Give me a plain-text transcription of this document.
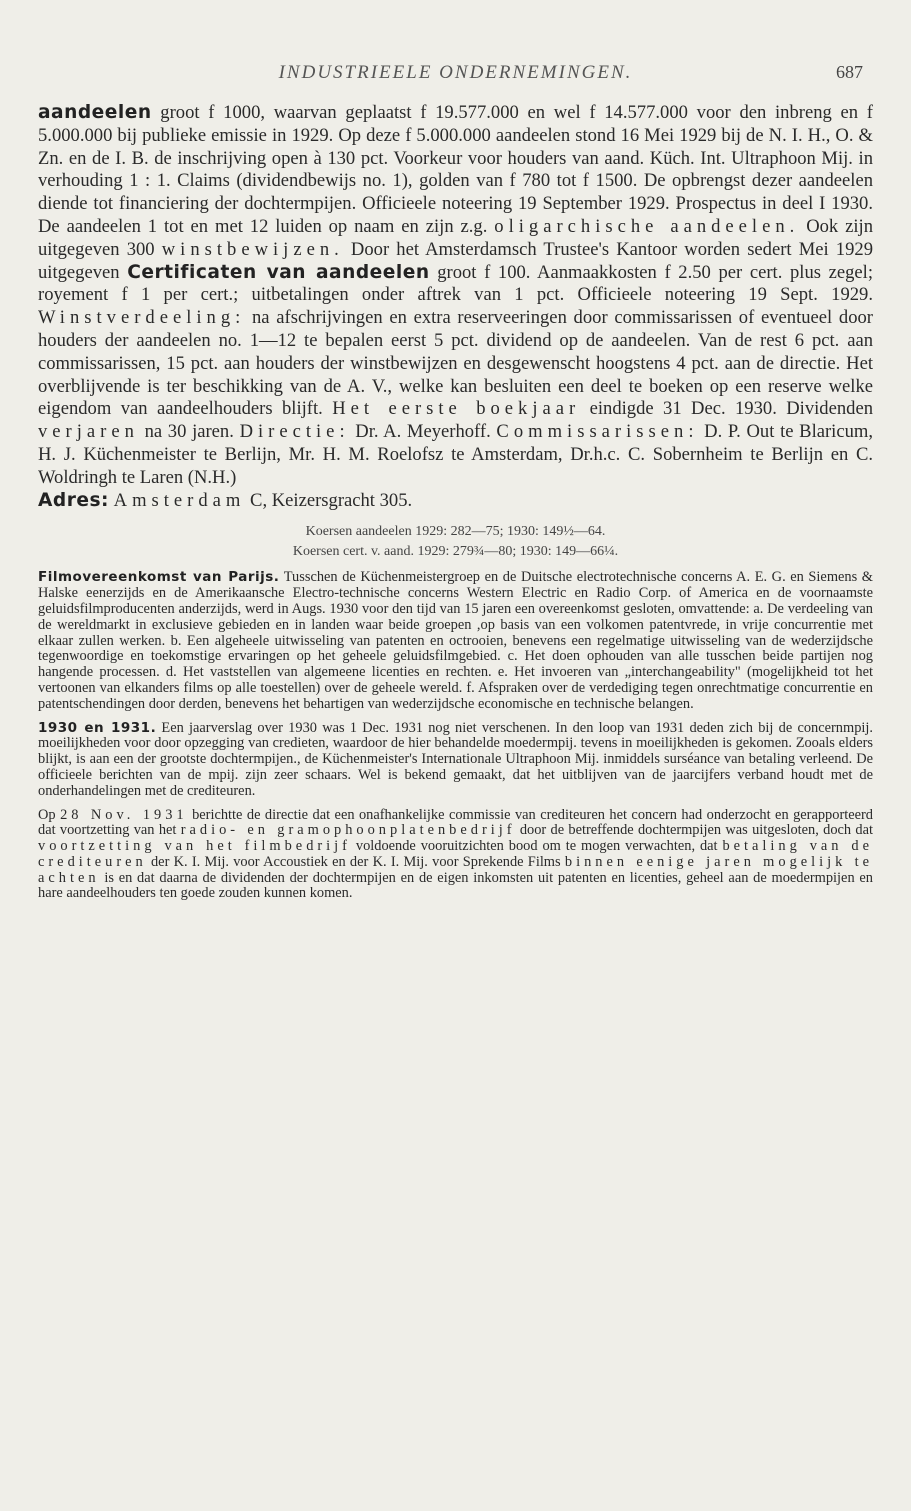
INDUSTRIEELE ONDERNEMINGEN.	687

aandeelen groot f 1000, waarvan geplaatst f 19.577.000 en wel f 14.577.000 voor den inbreng en f 5.000.000 bij publieke emissie in 1929. Op deze f 5.000.000 aandeelen stond 16 Mei 1929 bij de N. I. H., O. & Zn. en de I. B. de inschrijving open à 130 pct. Voorkeur voor houders van aand. Küch. Int. Ultraphoon Mij. in verhouding 1 : 1. Claims (dividendbewijs no. 1), golden van f 780 tot f 1500. De opbrengst dezer aandeelen diende tot financiering der dochtermpijen. Officieele noteering 19 September 1929. Prospectus in deel I 1930. De aandeelen 1 tot en met 12 luiden op naam en zijn z.g. oligarchische aandeelen. Ook zijn uitgegeven 300 winstbewijzen. Door het Amsterdamsch Trustee's Kantoor worden sedert Mei 1929 uitgegeven Certificaten van aandeelen groot f 100. Aanmaakkosten f 2.50 per cert. plus zegel; royement f 1 per cert.; uitbetalingen onder aftrek van 1 pct. Officieele noteering 19 Sept. 1929. Winstverdeeling: na afschrijvingen en extra reserveeringen door commissarissen of eventueel door houders der aandeelen no. 1—12 te bepalen eerst 5 pct. dividend op de aandeelen. Van de rest 6 pct. aan commissarissen, 15 pct. aan houders der winstbewijzen en desgewenscht hoogstens 4 pct. aan de directie. Het overblijvende is ter beschikking van de A. V., welke kan besluiten een deel te boeken op een reserve welke eigendom van aandeelhouders blijft. Het eerste boekjaar eindigde 31 Dec. 1930. Dividenden verjaren na 30 jaren. Directie: Dr. A. Meyerhoff. Commissarissen: D. P. Out te Blaricum, H. J. Küchenmeister te Berlijn, Mr. H. M. Roelofsz te Amsterdam, Dr.h.c. C. Sobernheim te Berlijn en C. Woldringh te Laren (N.H.)

Adres: Amsterdam C, Keizersgracht 305.

Koersen aandeelen 1929: 282—75; 1930: 149½—64.
Koersen cert. v. aand. 1929: 279¾—80; 1930: 149—66¼.

Filmovereenkomst van Parijs. Tusschen de Küchenmeistergroep en de Duitsche electrotechnische concerns A. E. G. en Siemens & Halske eenerzijds en de Amerikaansche Electro-technische concerns Western Electric en Radio Corp. of America en de voornaamste geluidsfilmproducenten anderzijds, werd in Augs. 1930 voor den tijd van 15 jaren een overeenkomst gesloten, omvattende: a. De verdeeling van de wereldmarkt in exclusieve gebieden en in landen waar beide groepen ,op basis van een volkomen patentvrede, in vrije concurrentie met elkaar zullen werken. b. Een algeheele uitwisseling van patenten en octrooien, benevens een regelmatige uitwisseling van de wederzijdsche tegenwoordige en toekomstige ervaringen op het geheele geluidsfilmgebied. c. Het doen ophouden van alle tusschen beide partijen nog hangende processen. d. Het vaststellen van algemeene licenties en rechten. e. Het invoeren van „interchangeability" (mogelijkheid tot het vertoonen van elkanders films op alle toestellen) over de geheele wereld. f. Afspraken over de verdediging tegen onrechtmatige concurrentie en patentschendingen door derden, benevens het behartigen van wederzijdsche economische en technische belangen.

1930 en 1931. Een jaarverslag over 1930 was 1 Dec. 1931 nog niet verschenen. In den loop van 1931 deden zich bij de concernmpij. moeilijkheden voor door opzegging van credieten, waardoor de hier behandelde moedermpij. tevens in moeilijkheden is gekomen. Zooals elders blijkt, is aan een der grootste dochtermpijen., de Küchenmeister's Internationale Ultraphoon Mij. inmiddels surséance van betaling verleend. De officieele berichten van de mpij. zijn zeer schaars. Wel is bekend gemaakt, dat het uitblijven van de jaarcijfers verband houdt met de onderhandelingen met de crediteuren.

Op 28 Nov. 1931 berichtte de directie dat een onafhankelijke commissie van crediteuren het concern had onderzocht en gerapporteerd dat voortzetting van het radio- en gramophoonplatenbedrijf door de betreffende dochtermpijen was uitgesloten, doch dat voortzetting van het filmbedrijf voldoende vooruitzichten bood om te mogen verwachten, dat betaling van de crediteuren der K. I. Mij. voor Accoustiek en der K. I. Mij. voor Sprekende Films binnen eenige jaren mogelijk te achten is en dat daarna de dividenden der dochtermpijen en de eigen inkomsten uit patenten en licenties, geheel aan de moedermpijen en hare aandeelhouders ten goede zouden kunnen komen.
